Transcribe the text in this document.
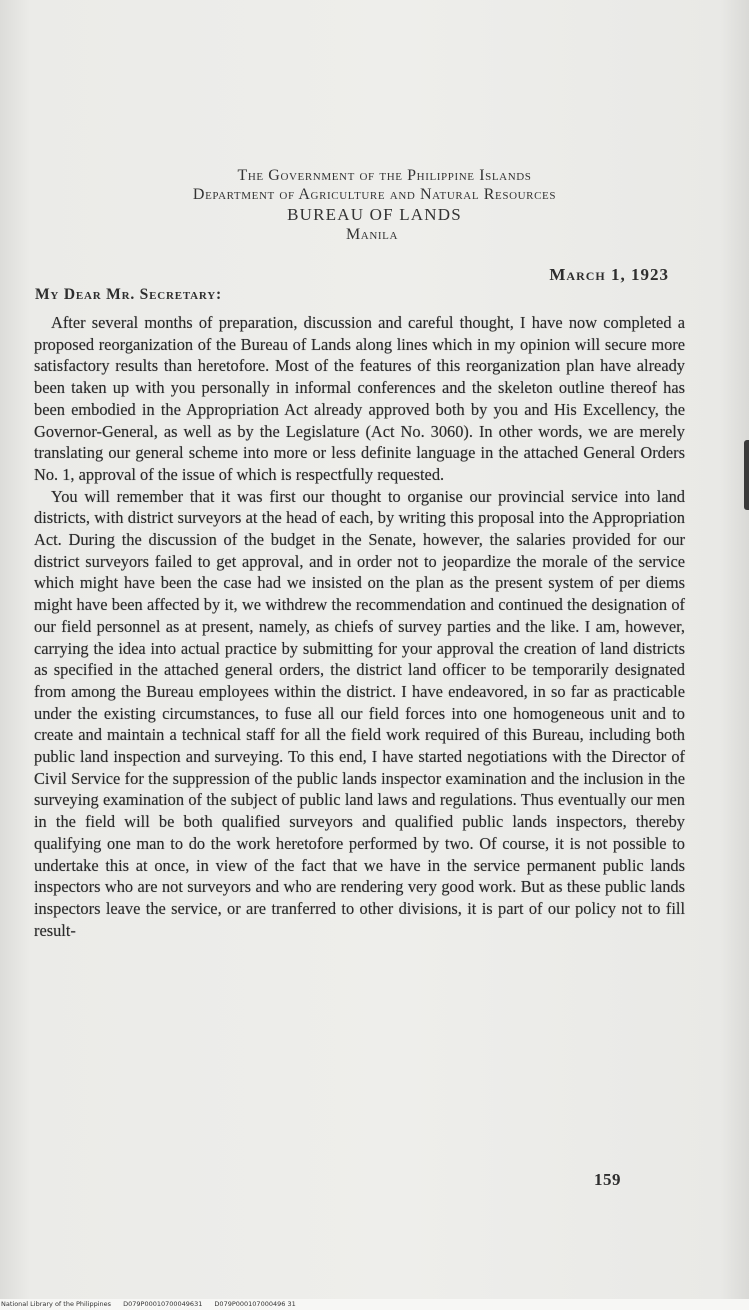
The Government of the Philippine Islands
Department of Agriculture and Natural Resources
BUREAU OF LANDS
Manila
March 1, 1923
My Dear Mr. Secretary:

After several months of preparation, discussion and careful thought, I have now completed a proposed reorganization of the Bureau of Lands along lines which in my opinion will secure more satisfactory results than heretofore. Most of the features of this reorganization plan have already been taken up with you personally in informal conferences and the skeleton outline thereof has been embodied in the Appropriation Act already approved both by you and His Excellency, the Governor-General, as well as by the Legislature (Act No. 3060). In other words, we are merely translating our general scheme into more or less definite language in the attached General Orders No. 1, approval of the issue of which is respectfully requested.

You will remember that it was first our thought to organise our provincial service into land districts, with district surveyors at the head of each, by writing this proposal into the Appropriation Act. During the discussion of the budget in the Senate, however, the salaries provided for our district surveyors failed to get approval, and in order not to jeopardize the morale of the service which might have been the case had we insisted on the plan as the present system of per diems might have been affected by it, we withdrew the recommendation and continued the designation of our field personnel as at present, namely, as chiefs of survey parties and the like. I am, however, carrying the idea into actual practice by submitting for your approval the creation of land districts as specified in the attached general orders, the district land officer to be temporarily designated from among the Bureau employees within the district. I have endeavored, in so far as practicable under the existing circumstances, to fuse all our field forces into one homogeneous unit and to create and maintain a technical staff for all the field work required of this Bureau, including both public land inspection and surveying. To this end, I have started negotiations with the Director of Civil Service for the suppression of the public lands inspector examination and the inclusion in the surveying examination of the subject of public land laws and regulations. Thus eventually our men in the field will be both qualified surveyors and qualified public lands inspectors, thereby qualifying one man to do the work heretofore performed by two. Of course, it is not possible to undertake this at once, in view of the fact that we have in the service permanent public lands inspectors who are not surveyors and who are rendering very good work. But as these public lands inspectors leave the service, or are tranferred to other divisions, it is part of our policy not to fill result-

159
National Library of the Philippines D079P00010700049631 D079P000107000496 31
